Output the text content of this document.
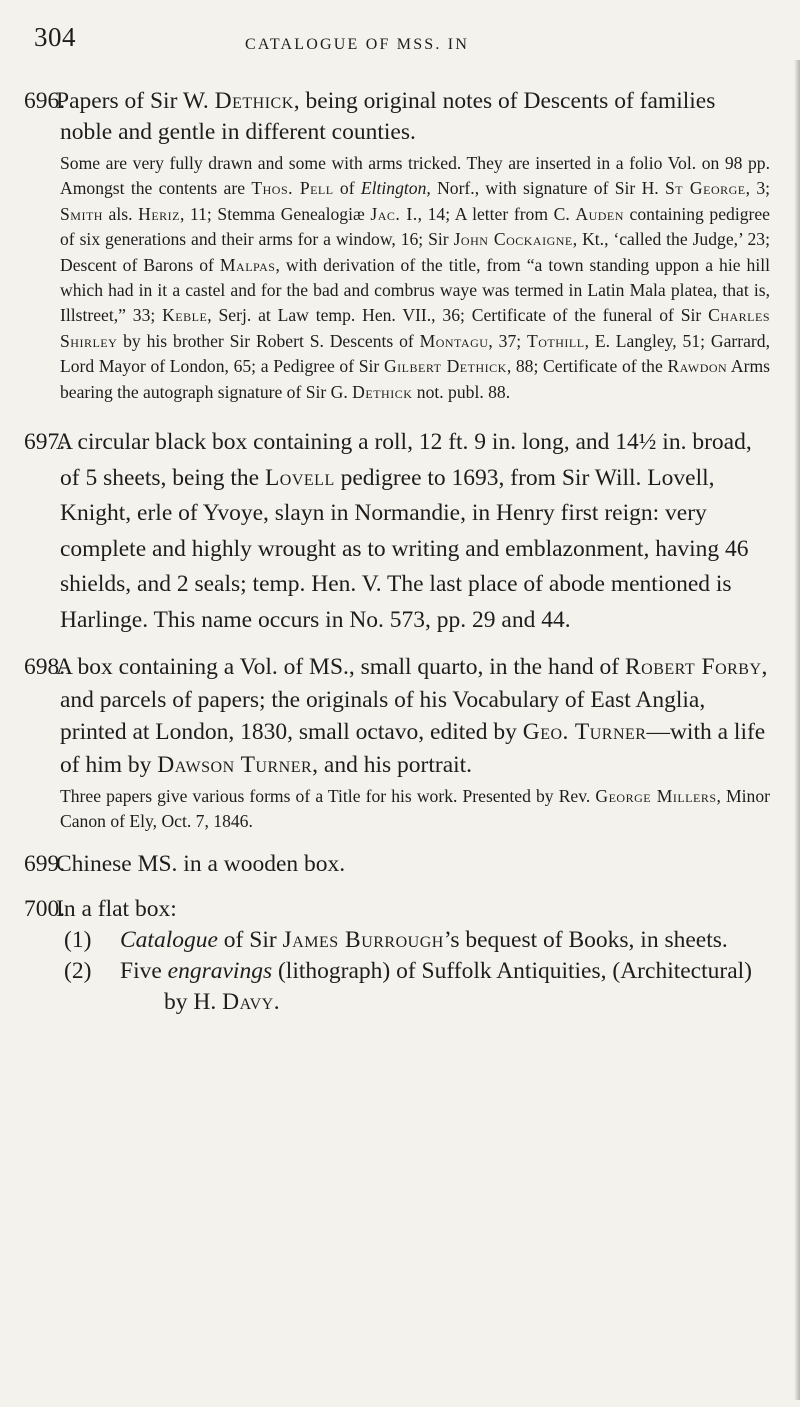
304	CATALOGUE OF MSS. IN
696.
Papers of Sir W. Dethick, being original notes of Descents of families noble and gentle in different counties.
Some are very fully drawn and some with arms tricked. They are inserted in a folio Vol. on 98 pp. Amongst the contents are Thos. Pell of Eltington, Norf., with signature of Sir H. St George, 3; Smith als. Heriz, 11; Stemma Genealogiæ Jac. I., 14; A letter from C. Auden containing pedigree of six generations and their arms for a window, 16; Sir John Cockaigne, Kt., ‘called the Judge,’ 23; Descent of Barons of Malpas, with derivation of the title, from “a town standing uppon a hie hill which had in it a castel and for the bad and combrus waye was termed in Latin Mala platea, that is, Illstreet,” 33; Keble, Serj. at Law temp. Hen. VII., 36; Certificate of the funeral of Sir Charles Shirley by his brother Sir Robert S. Descents of Montagu, 37; Tothill, E. Langley, 51; Garrard, Lord Mayor of London, 65; a Pedigree of Sir Gilbert Dethick, 88; Certificate of the Rawdon Arms bearing the autograph signature of Sir G. Dethick not. publ. 88.
697.
A circular black box containing a roll, 12 ft. 9 in. long, and 14½ in. broad, of 5 sheets, being the Lovell pedigree to 1693, from Sir Will. Lovell, Knight, erle of Yvoye, slayn in Normandie, in Henry first reign: very complete and highly wrought as to writing and emblazonment, having 46 shields, and 2 seals; temp. Hen. V. The last place of abode mentioned is Harlinge. This name occurs in No. 573, pp. 29 and 44.
698.
A box containing a Vol. of MS., small quarto, in the hand of Robert Forby, and parcels of papers; the originals of his Vocabulary of East Anglia, printed at London, 1830, small octavo, edited by Geo. Turner—with a life of him by Dawson Turner, and his portrait.
Three papers give various forms of a Title for his work. Presented by Rev. George Millers, Minor Canon of Ely, Oct. 7, 1846.
699.
Chinese MS. in a wooden box.
700.
In a flat box:
(1)	Catalogue of Sir James Burrough’s bequest of Books, in sheets.
(2)	Five engravings (lithograph) of Suffolk Antiquities, (Architectural) by H. Davy.
